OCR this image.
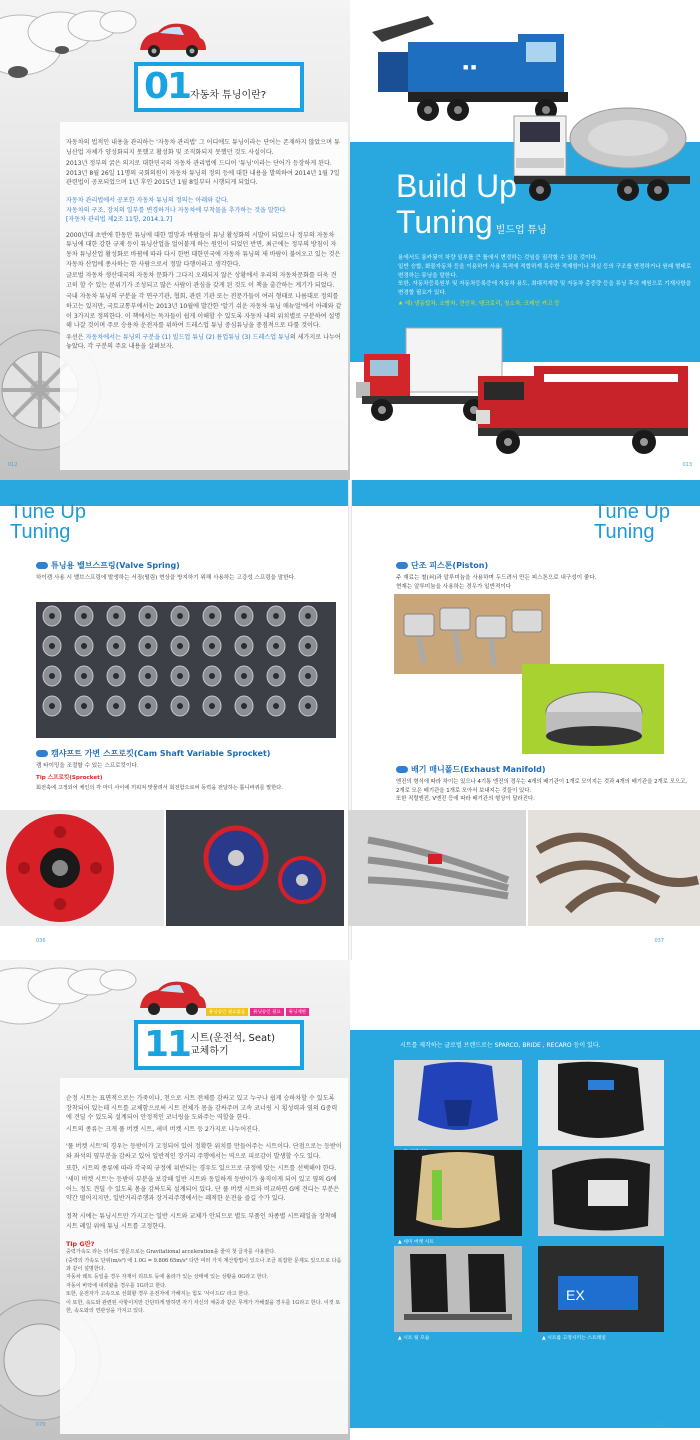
01 자동차 튜닝이란?

자동차의 법적인 내용을 관리하는 '자동차 관리법' 그 어디에도 튜닝이라는 단어는 존재하지 않았으며 튜닝산업 자체가 양성화되지 못했고 활성화 및 조직화되지 못했던 것도 사실이다.

2013년 정부의 굵은 의지로 대한민국의 자동차 관리법에 드디어 '튜닝'이라는 단어가 등장하게 된다. 2013년 8월 26일 11명의 국회의원이 자동차 튜닝의 정의 등에 대한 내용을 발의하여 2014년 1월 7일 관련법이 공포되었으며 1년 후인 2015년 1월 8일부터 시행되게 되었다.

자동차 관리법에서 공포한 자동차 튜닝의 정의는 아래와 같다.
자동차의 구조, 장치의 일부를 변경하거나 자동차에 부착물을 추가하는 것을 말한다
[자동차 관리법 제2조 11항, 2014.1.7]

2000년대 초반에 한동안 튜닝에 대한 열망과 바람들이 튜닝 활성화의 시발이 되었으나 정부의 자동차 튜닝에 대한 강한 규제 등이 튜닝산업을 얼어붙게 하는 원인이 되었던 반면, 최근에는 정부의 방침이 자동차 튜닝산업 활성화로 바뀜에 따라 다시 한번 대한민국에 자동차 튜닝의 새 바람이 불어오고 있는 것은 자동차 산업에 종사하는 한 사람으로서 정말 다행이라고 생각한다.

글로벌 자동차 생산대국의 자동차 문화가 그다지 오래되지 않은 상황에서 우리의 자동차문화를 더욱 견고히 할 수 있는 분위기가 조성되고 많은 사람이 관심을 갖게 된 것도 이 책을 출간하는 계기가 되었다.

국내 자동차 튜닝의 구분을 각 연구기관, 협회, 관련 기관 또는 전문가들이 여러 형태로 나름대로 정의를 하고는 있지만, 국토교통부에서는 2013년 10월에 발간한 '알기 쉬운 자동차 튜닝 매뉴얼'에서 아래와 같이 3가지로 정의한다. 이 책에서는 독자들이 쉽게 이해할 수 있도록 자동차 내의 위치별로 구분하여 설명해 나갈 것이며 주로 승용차 운전자를 위하여 드레스업 튜닝 중심튜닝을 중점적으로 다룰 것이다.

우선은 자동차에서는 튜닝의 구분을 (1) 빌드업 튜닝 (2) 튠업튜닝 (3) 드레스업 튜닝의 세가지로 나누어 놓았다. 각 구분의 주요 내용을 살펴보자.

012
■ ■
Build Up
Tuning 빌드업 튜닝

용에서도 롱카됫이 차량 일부를 큰 틀에서 변경하는 것임을 짐작할 수 있을 것이다.

일반 승합, 화물자동차 등을 이용하여 사용 목적에 적합하게 특수한 적재함이나 차실 등의 구조를 변경하거나 원래 형태로 변경하는 튜닝을 말한다.

또한, 자동차등록원부 및 자동차등록증에 자동차 용도, 최대적재량 및 자동차 총중량 등을 튜닝 후의 제원으로 기재사항을 변경할 필요가 있다.

★ 예) 냉동탑차, 소방차, 견인차, 탱크로리, 청소차, 크레인 카고 등

013
Tune Up
Tuning
Tune Up
Tuning
튜닝용 밸브스프링(Valve Spring)
하이캠 사용 시 밸브스프링에 발생하는 서징(떨림) 현상을 방지하기 위해 사용하는 고강성 스프링을 말한다.
캠샤프트 가변 스프로킷(Cam Shaft Variable Sprocket)
캠 타이밍을 조절할 수 있는 스프로킷이다.
Tip 스프로킷(Sprocket)
회전축에 고정되어 체인의 각 마디 사이에 끼워져 맞물려서 회전함으로써 동력을 전달하는 톱니바퀴를 말한다.
단조 피스톤(Piston)
주 재료는 철(쇠)과 알루미늄을 사용하며 두드려서 만든 피스톤으로 내구성이 좋다.
현재는 알루미늄을 사용하는 경우가 일반적이다
배기 매니폴드(Exhaust Manifold)
엔진의 형식에 따라 차이는 있으나 4기통 엔진의 경우는 4개의 배기관이 1개로 모이지는 것과 4개의 배기관을 2개로 모으고, 2개로 모은 배기관을 1개로 모아서 보내지는 것들이 있다.
또한 직렬엔진, V엔진 등에 따라 배기관의 형상이 달라진다.
036	037
튜닝승인 필요없음	튜닝승인 필요	튜닝제한
11 시트(운전석, Seat)
교체하기

순정 시트는 표면적으로는 가죽이나, 천으로 시트 전체를 감싸고 있고 누구나 쉽게 승하차할 수 있도록 장착되어 있는데 시트를 교체함으로써 시트 전체가 몸을 감싸주며 고속 코너링 시 횡성력과 옆의 G중력에 견딜 수 있도록 설계되어 안정적인 코너링을 도와주는 역할을 한다.

시트의 종류는 크게 풀 버켓 시트, 세미 버켓 시트 등 2가지로 나누어진다.

'풀 버켓 시트'의 경우는 등받이가 고정되어 있어 정확한 위치를 만들어주는 시트이다. 단점으로는 등받이와 좌석의 옆부분을 감싸고 있어 일반적인 장거리 주행에서는 역으로 피로감이 발생할 수도 있다.

또한, 시트의 종류에 따라 각국의 규정에 위반되는 경우도 있으므로 규정에 맞는 시트를 선택해야 한다.

'세미 버켓 시트'는 등받이 부분을 보강해 일반 시트와 동일하게 등받이가 움직이게 되어 있고 옆의 G에 어느 정도 견딜 수 있도록 몸을 감싸도록 설계되어 있다. 단 풀 버켓 시트와 비교하면 G에 견디는 부분은 약간 떨어지지만, 일반거리주행과 장거리주행에서는 쾌적한 운전을 즐길 수가 있다.

정착 시에는 튜닝시트만 가지고는 일반 시트와 교체가 안되므로 별도 부품인 차종별 시트레일을 장착해 시트 레일 위에 튜닝 시트를 고정한다.

Tip G란?

중력가속도 라는 의미로 영문으로는 Gravitational acceleration을 줄여 첫 글자를 사용한다.

(중력의 가속도 단위(m/s²) 에 1.0G = 9.806 65m/s² 다만 여러 가지 계산방법이 있으나 조금 복잡한 문제도 있으므로 다음과 같이 설명한다.

자동차 레트 등일을 경우 자재이 리프트 등에 올라가 있는 상태에 있는 상황을 0G라고 한다.

자동이 바닥에 내려왔을 경우를 1G라고 한다.

또한, 운전자가 고속으로 선회할 경우 운전자에 가해지는 힘도 '사이드G' 라고 한다.

이 또한, 속도와 관련된 사항이지만 간단하게 말하면 자기 자신의 체중과 같은 무게가 가해졌을 경우를 1G라고 한다. 이것 또한, 속도와의 연관성을 가지고 있다.

070
시트를 제작하는 글로벌 브랜드로는 SPARCO, BRIDE , RECARO 등이 있다.
▲ 세미 버켓 시트
▲ 시트 틸 모습
EX
▲ 시트를 고정시키는 스트레일
071
